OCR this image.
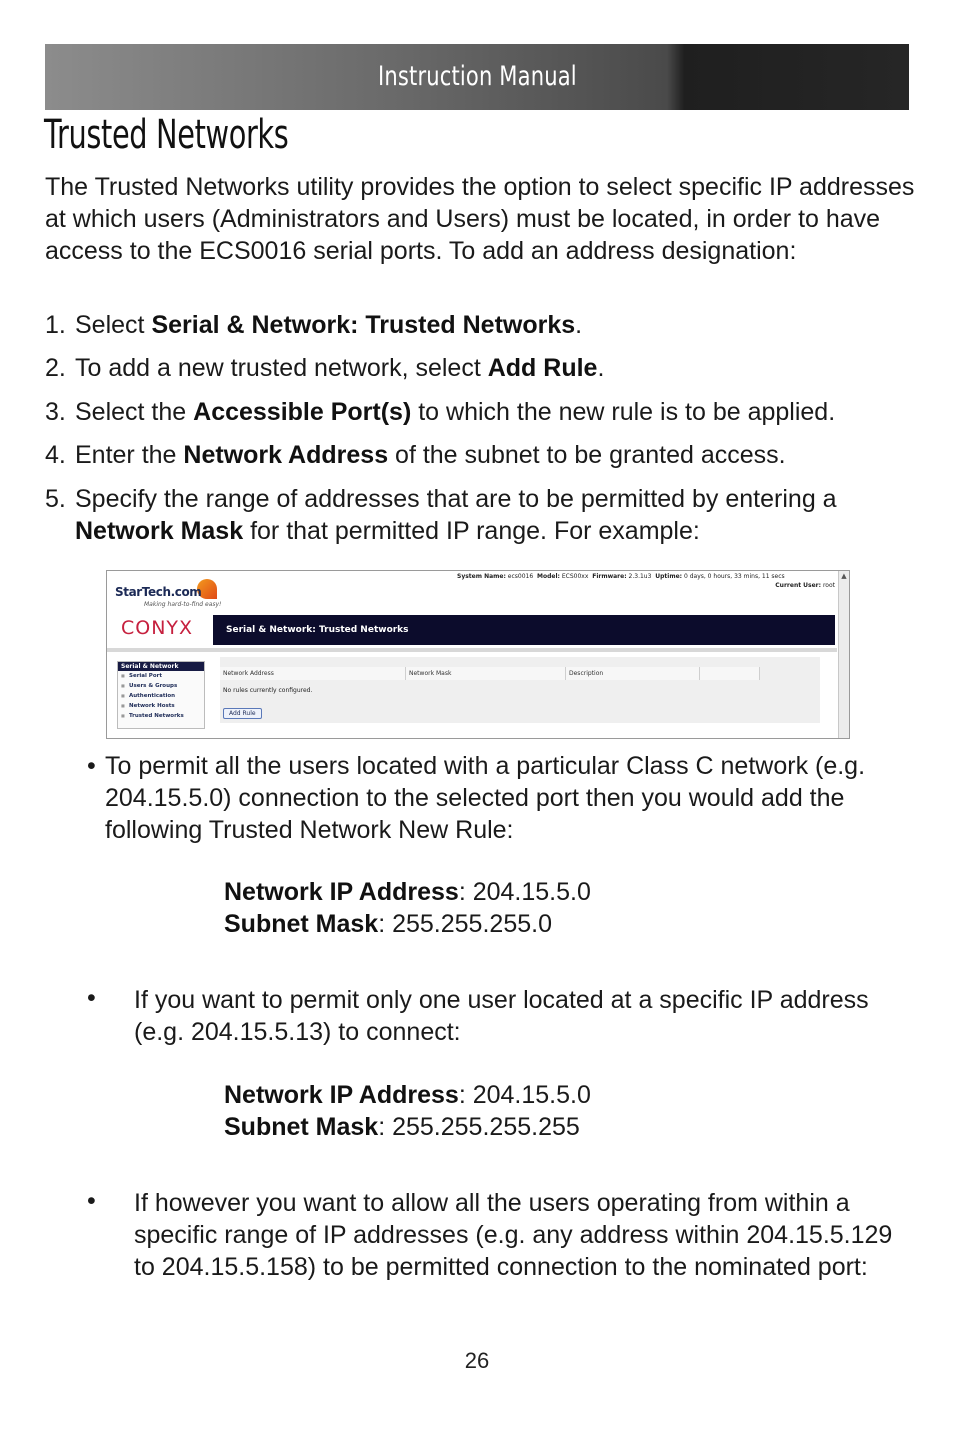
Instruction Manual
Trusted Networks

The Trusted Networks utility provides the option to select specific IP addresses at which users (Administrators and Users) must be located, in order to have access to the ECS0016 serial ports. To add an address designation:

1. Select Serial & Network: Trusted Networks.

2. To add a new trusted network, select Add Rule.

3. Select the Accessible Port(s) to which the new rule is to be applied.

4. Enter the Network Address of the subnet to be granted access.

5. Specify the range of addresses that are to be permitted by entering a
Network Mask for that permitted IP range. For example:

StarTech.com
Making hard-to-find easy!
System Name: ecs0016 Model: ECS00xx Firmware: 2.3.1u3 Uptime: 0 days, 0 hours, 33 mins, 11 secs
Current User: root
CONYX	Serial & Network: Trusted Networks
Serial & Network
■ Serial Port
■ Users & Groups
■ Authentication
■ Network Hosts
■ Trusted Networks
Network Address	Network Mask	Description
No rules currently configured.
Add Rule
▲

• To permit all the users located with a particular Class C network (e.g. 204.15.5.0) connection to the selected port then you would add the following Trusted Network New Rule:

Network IP Address: 204.15.5.0

Subnet Mask: 255.255.255.0

• If you want to permit only one user located at a specific IP address (e.g. 204.15.5.13) to connect:

Network IP Address: 204.15.5.0

Subnet Mask: 255.255.255.255

• If however you want to allow all the users operating from within a specific range of IP addresses (e.g. any address within 204.15.5.129 to 204.15.5.158) to be permitted connection to the nominated port:

26
